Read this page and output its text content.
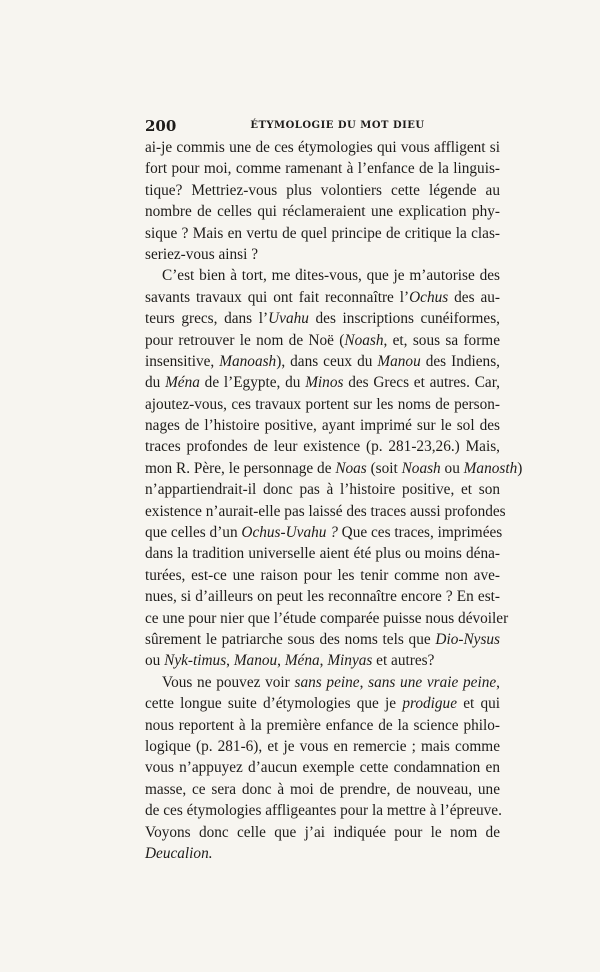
200	ÉTYMOLOGIE DU MOT DIEU
ai-je commis une de ces étymologies qui vous affligent si
fort pour moi, comme ramenant à l’enfance de la linguis-
tique? Mettriez-vous plus volontiers cette légende au
nombre de celles qui réclameraient une explication phy-
sique ? Mais en vertu de quel principe de critique la clas-
seriez-vous ainsi ?
C’est bien à tort, me dites-vous, que je m’autorise des
savants travaux qui ont fait reconnaître l’Ochus des au-
teurs grecs, dans l’Uvahu des inscriptions cunéiformes,
pour retrouver le nom de Noë (Noash, et, sous sa forme
insensitive, Manoash), dans ceux du Manou des Indiens,
du Ména de l’Egypte, du Minos des Grecs et autres. Car,
ajoutez-vous, ces travaux portent sur les noms de person-
nages de l’histoire positive, ayant imprimé sur le sol des
traces profondes de leur existence (p. 281-23,26.) Mais,
mon R. Père, le personnage de Noas (soit Noash ou Manosth)
n’appartiendrait-il donc pas à l’histoire positive, et son
existence n’aurait-elle pas laissé des traces aussi profondes
que celles d’un Ochus-Uvahu ? Que ces traces, imprimées
dans la tradition universelle aient été plus ou moins déna-
turées, est-ce une raison pour les tenir comme non ave-
nues, si d’ailleurs on peut les reconnaître encore ? En est-
ce une pour nier que l’étude comparée puisse nous dévoiler
sûrement le patriarche sous des noms tels que Dio-Nysus
ou Nyk-timus, Manou, Ména, Minyas et autres?
Vous ne pouvez voir sans peine, sans une vraie peine,
cette longue suite d’étymologies que je prodigue et qui
nous reportent à la première enfance de la science philo-
logique (p. 281-6), et je vous en remercie ; mais comme
vous n’appuyez d’aucun exemple cette condamnation en
masse, ce sera donc à moi de prendre, de nouveau, une
de ces étymologies affligeantes pour la mettre à l’épreuve.
Voyons donc celle que j’ai indiquée pour le nom de
Deucalion.
